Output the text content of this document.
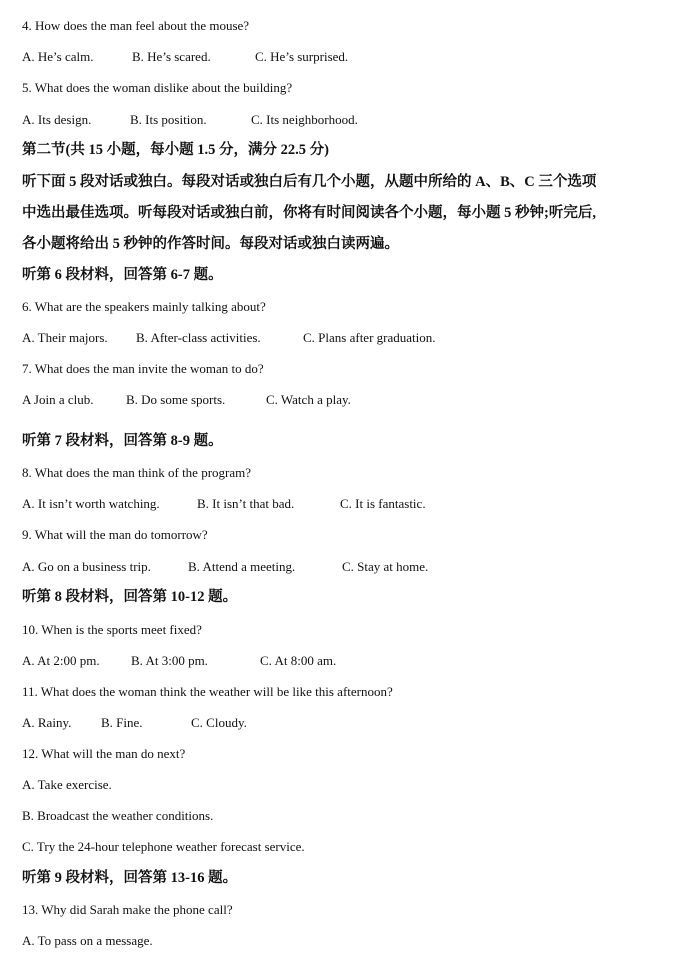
4. How does the man feel about the mouse?
A. He’s calm.	B. He’s scared.	C. He’s surprised.
5. What does the woman dislike about the building?
A. Its design.	B. Its position.	C. Its neighborhood.
第二节(共 15 小题，每小题 1.5 分，满分 22.5 分)
听下面 5 段对话或独白。每段对话或独白后有几个小题，从题中所给的 A、B、C 三个选项
中选出最佳选项。听每段对话或独白前，你将有时间阅读各个小题，每小题 5 秒钟;听完后,
各小题将给出 5 秒钟的作答时间。每段对话或独白读两遍。
听第 6 段材料，回答第 6-7 题。
6. What are the speakers mainly talking about?
A. Their majors. B. After-class activities.	C. Plans after graduation.
7. What does the man invite the woman to do?
A Join a club.	B. Do some sports.	C. Watch a play.
听第 7 段材料，回答第 8-9 题。
8. What does the man think of the program?
A. It isn’t worth watching.	B. It isn’t that bad.	C. It is fantastic.
9. What will the man do tomorrow?
A. Go on a business trip.	B. Attend a meeting.	C. Stay at home.
听第 8 段材料，回答第 10-12 题。
10. When is the sports meet fixed?
A. At 2:00 pm. B. At 3:00 pm.	C. At 8:00 am.
11. What does the woman think the weather will be like this afternoon?
A. Rainy. B. Fine.	C. Cloudy.
12. What will the man do next?
A. Take exercise.
B. Broadcast the weather conditions.
C. Try the 24-hour telephone weather forecast service.
听第 9 段材料，回答第 13-16 题。
13. Why did Sarah make the phone call?
A. To pass on a message.
